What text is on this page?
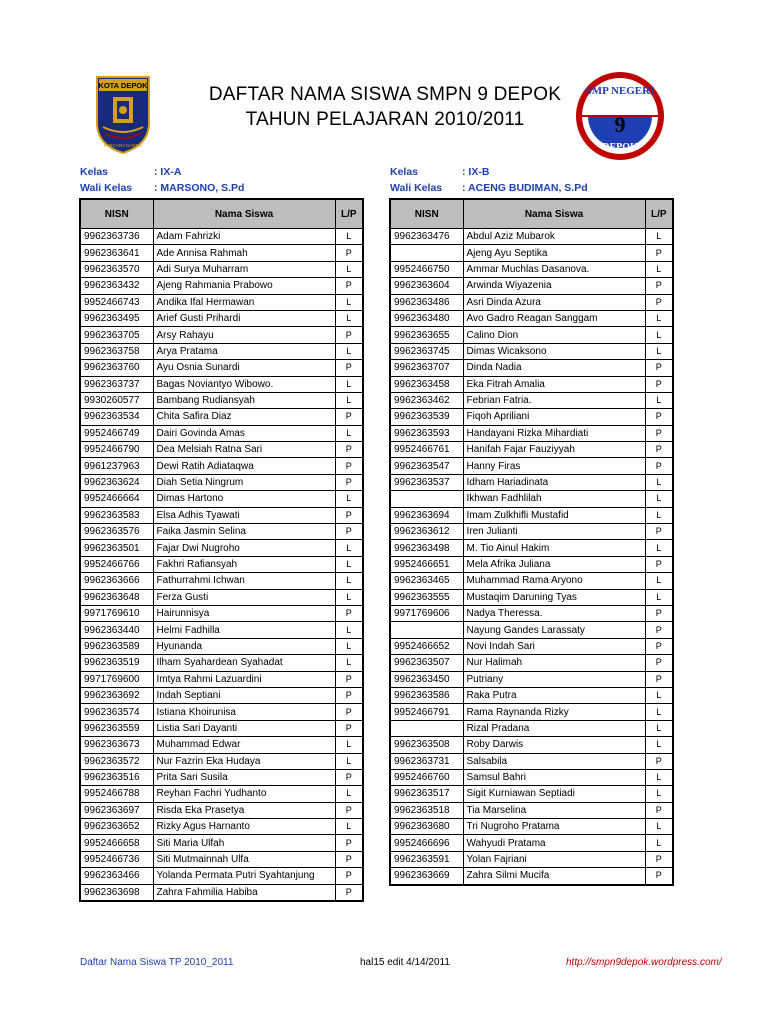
KOTA DEPOK
PARCARA DARMA
DAFTAR NAMA SISWA SMPN 9 DEPOK
TAHUN PELAJARAN 2010/2011
SMP NEGERI
9
DEPOK
Kelas	: IX-A
Wali Kelas : MARSONO, S.Pd
Kelas	: IX-B
Wali Kelas : ACENG BUDIMAN, S.Pd
NISN	Nama Siswa	L/P
9962363736	Adam Fahrizki	L
9962363641	Ade Annisa Rahmah	P
9962363570	Adi Surya Muharram	L
9962363432	Ajeng Rahmania Prabowo	P
9952466743	Andika Ifal Hermawan	L
9962363495	Arief Gusti Prihardi	L
9962363705	Arsy Rahayu	P
9962363758	Arya Pratama	L
9962363760	Ayu Osnia Sunardi	P
9962363737	Bagas Noviantyo Wibowo.	L
9930260577	Bambang Rudiansyah	L
9962363534	Chita Safira Diaz	P
9952466749	Dairi Govinda Amas	L
9952466790	Dea Melsiah Ratna Sari	P
9961237963	Dewi Ratih Adiataqwa	P
9962363624	Diah Setia Ningrum	P
9952466664	Dimas Hartono	L
9962363583	Elsa Adhis Tyawati	P
9962363576	Faika Jasmin Selina	P
9962363501	Fajar Dwi Nugroho	L
9952466766	Fakhri Rafiansyah	L
9962363666	Fathurrahmi Ichwan	L
9962363648	Ferza Gusti	L
9971769610	Hairunnisya	P
9962363440	Helmi Fadhilla	L
9962363589	Hyunanda	L
9962363519	Ilham Syahardean Syahadat	L
9971769600	Imtya Rahmi Lazuardini	P
9962363692	Indah Septiani	P
9962363574	Istiana Khoirunisa	P
9962363559	Listia Sari Dayanti	P
9962363673	Muhammad Edwar	L
9962363572	Nur Fazrin Eka Hudaya	L
9962363516	Prita Sari Susila	P
9952466788	Reyhan Fachri Yudhanto	L
9962363697	Risda Eka Prasetya	P
9962363652	Rizky Agus Harnanto	L
9952466658	Siti Maria Ulfah	P
9952466736	Siti Mutmainnah Ulfa	P
9962363466	Yolanda Permata Putri Syahtanjung	P
9962363698	Zahra Fahmilia Habiba	P
NISN	Nama Siswa	L/P
9962363476	Abdul Aziz Mubarok	L
	Ajeng Ayu Septika	P
9952466750	Ammar Muchlas Dasanova.	L
9962363604	Arwinda Wiyazenia	P
9962363486	Asri Dinda Azura	P
9962363480	Avo Gadro Reagan Sanggam	L
9962363655	Calino Dion	L
9962363745	Dimas Wicaksono	L
9962363707	Dinda Nadia	P
9962363458	Eka Fitrah Amalia	P
9962363462	Febrian Fatria.	L
9962363539	Fiqoh Apriliani	P
9962363593	Handayani Rizka Mihardiati	P
9952466761	Hanifah Fajar Fauziyyah	P
9962363547	Hanny Firas	P
9962363537	Idham Hariadinata	L
	Ikhwan Fadhlilah	L
9962363694	Imam Zulkhifli Mustafid	L
9962363612	Iren Julianti	P
9962363498	M. Tio Ainul Hakim	L
9952466651	Mela Afrika Juliana	P
9962363465	Muhammad Rama Aryono	L
9962363555	Mustaqim Daruning Tyas	L
9971769606	Nadya Theressa.	P
	Nayung Gandes Larassaty	P
9952466652	Novi Indah Sari	P
9962363507	Nur Halimah	P
9962363450	Putriany	P
9962363586	Raka Putra	L
9952466791	Rama Raynanda Rizky	L
	Rizal Pradana	L
9962363508	Roby Darwis	L
9962363731	Salsabila	P
9952466760	Samsul Bahri	L
9962363517	Sigit Kurniawan Septiadi	L
9962363518	Tia Marselina	P
9962363680	Tri Nugroho Pratama	L
9952466696	Wahyudi Pratama	L
9962363591	Yolan Fajriani	P
9962363669	Zahra Silmi Mucifa	P
Daftar Nama Siswa TP 2010_2011	hal15 edit 4/14/2011	http://smpn9depok.wordpress.com/
